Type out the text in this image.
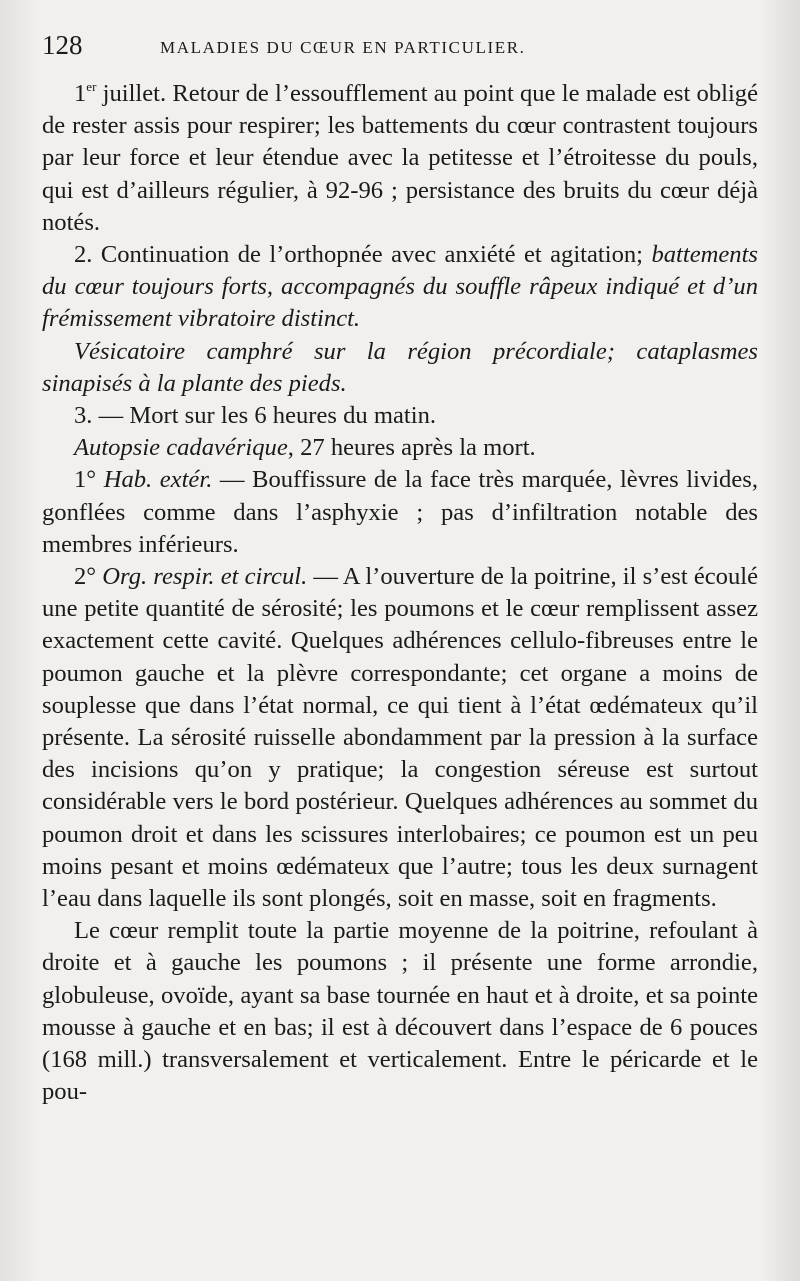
128	MALADIES DU CŒUR EN PARTICULIER.

1er juillet. Retour de l’essoufflement au point que le malade est obligé de rester assis pour respirer; les battements du cœur contrastent toujours par leur force et leur étendue avec la petitesse et l’étroitesse du pouls, qui est d’ailleurs régulier, à 92-96 ; persistance des bruits du cœur déjà notés.

2. Continuation de l’orthopnée avec anxiété et agitation; battements du cœur toujours forts, accompagnés du souffle râpeux indiqué et d’un frémissement vibratoire distinct.

Vésicatoire camphré sur la région précordiale; cataplasmes sinapisés à la plante des pieds.

3. — Mort sur les 6 heures du matin.

Autopsie cadavérique, 27 heures après la mort.

1° Hab. extér. — Bouffissure de la face très marquée, lèvres livides, gonflées comme dans l’asphyxie ; pas d’infiltration notable des membres inférieurs.

2° Org. respir. et circul. — A l’ouverture de la poitrine, il s’est écoulé une petite quantité de sérosité; les poumons et le cœur remplissent assez exactement cette cavité. Quelques adhérences cellulo-fibreuses entre le poumon gauche et la plèvre correspondante; cet organe a moins de souplesse que dans l’état normal, ce qui tient à l’état œdémateux qu’il présente. La sérosité ruisselle abondamment par la pression à la surface des incisions qu’on y pratique; la congestion séreuse est surtout considérable vers le bord postérieur. Quelques adhérences au sommet du poumon droit et dans les scissures interlobaires; ce poumon est un peu moins pesant et moins œdémateux que l’autre; tous les deux surnagent l’eau dans laquelle ils sont plongés, soit en masse, soit en fragments.

Le cœur remplit toute la partie moyenne de la poitrine, refoulant à droite et à gauche les poumons ; il présente une forme arrondie, globuleuse, ovoïde, ayant sa base tournée en haut et à droite, et sa pointe mousse à gauche et en bas; il est à découvert dans l’espace de 6 pouces (168 mill.) transversalement et verticalement. Entre le péricarde et le pou-
